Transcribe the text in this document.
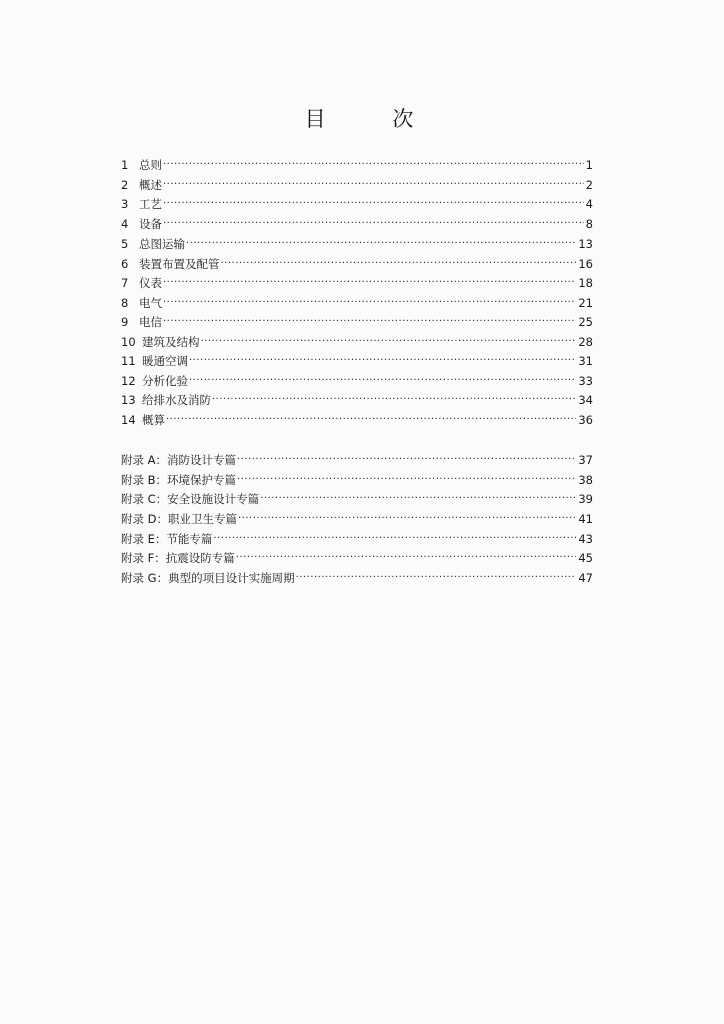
目 次
1 总则 ·····	1
2 概述 ·····	2
3 工艺 ·····	4
4 设备 ·····	8
5 总图运输 ·····	13
6 装置布置及配管 ·····	16
7 仪表 ·····	18
8 电气 ·····	21
9 电信 ·····	25
10 建筑及结构 ·····	28
11 暖通空调 ·····	31
12 分析化验 ·····	33
13 给排水及消防 ·····	34
14 概算 ·····	36
附录 A：消防设计专篇 ·····	37
附录 B：环境保护专篇 ·····	38
附录 C：安全设施设计专篇 ·····	39
附录 D：职业卫生专篇 ·····	41
附录 E：节能专篇 ·····	43
附录 F：抗震设防专篇 ·····	45
附录 G：典型的项目设计实施周期 ·····	47
